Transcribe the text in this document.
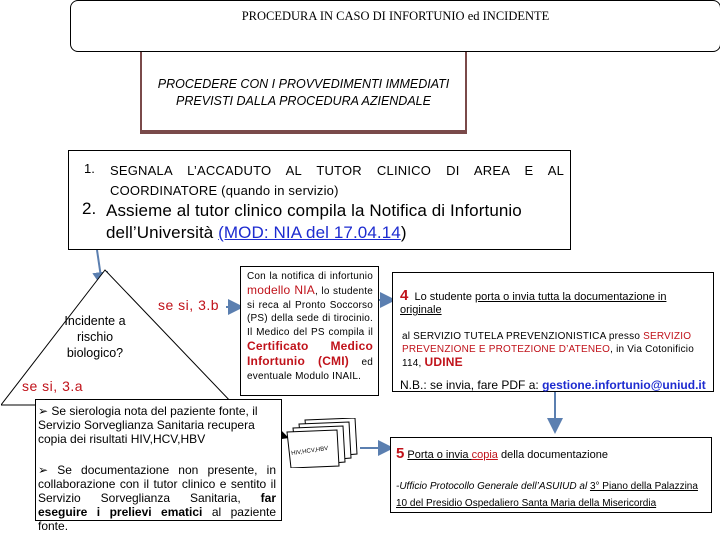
PROCEDURA IN CASO DI INFORTUNIO ed INCIDENTE
PROCEDERE CON I PROVVEDIMENTI IMMEDIATI
PREVISTI DALLA PROCEDURA AZIENDALE
1. SEGNALA L’ACCADUTO AL TUTOR CLINICO DI AREA E AL COORDINATORE (quando in servizio)
2. Assieme al tutor clinico compila la Notifica di Infortunio dell’Università (MOD: NIA del 17.04.14)
Incidente a
rischio
biologico?
se si, 3.b
se si, 3.a
Con la notifica di infortunio modello NIA, lo studente si reca al Pronto Soccorso (PS) della sede di tirocinio. Il Medico del PS compila il Certificato Medico Infortunio (CMI) ed eventuale Modulo INAIL.
➢ Se sierologia nota del paziente fonte, il Servizio Sorveglianza Sanitaria recupera copia dei risultati HIV,HCV,HBV
➢ Se documentazione non presente, in collaborazione con il tutor clinico e sentito il Servizio Sorveglianza Sanitaria, far eseguire i prelievi ematici al paziente fonte.
HIV,HCV,HBV
4 Lo studente porta o invia tutta la documentazione in originale
al SERVIZIO TUTELA PREVENZIONISTICA presso SERVIZIO PREVENZIONE E PROTEZIONE D’ATENEO, in Via Cotonificio 114, UDINE
N.B.: se invia, fare PDF a: gestione.infortunio@uniud.it
5 Porta o invia copia della documentazione
-Ufficio Protocollo Generale dell’ASUIUD al 3° Piano della Palazzina 10 del Presidio Ospedaliero Santa Maria della Misericordia
